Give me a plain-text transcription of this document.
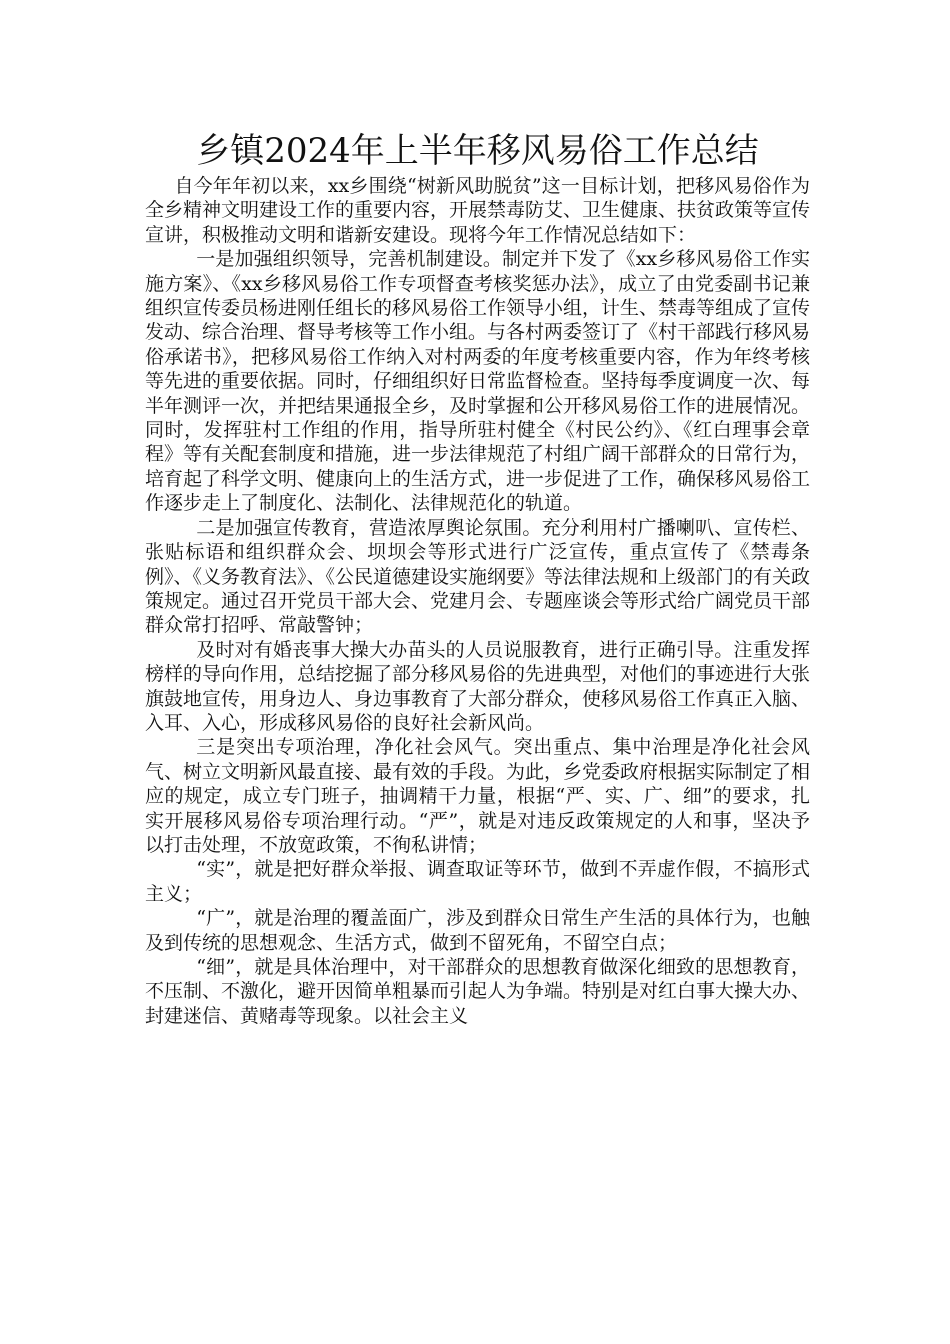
乡镇2024年上半年移风易俗工作总结

自今年年初以来，xx乡围绕“树新风助脱贫”这一目标计划，把移风易俗作为全乡精神文明建设工作的重要内容，开展禁毒防艾、卫生健康、扶贫政策等宣传宣讲，积极推动文明和谐新安建设。现将今年工作情况总结如下：

一是加强组织领导，完善机制建设。制定并下发了《xx乡移风易俗工作实施方案》、《xx乡移风易俗工作专项督查考核奖惩办法》，成立了由党委副书记兼组织宣传委员杨进刚任组长的移风易俗工作领导小组，计生、禁毒等组成了宣传发动、综合治理、督导考核等工作小组。与各村两委签订了《村干部践行移风易俗承诺书》，把移风易俗工作纳入对村两委的年度考核重要内容，作为年终考核等先进的重要依据。同时，仔细组织好日常监督检查。坚持每季度调度一次、每半年测评一次，并把结果通报全乡，及时掌握和公开移风易俗工作的进展情况。同时，发挥驻村工作组的作用，指导所驻村健全《村民公约》、《红白理事会章程》等有关配套制度和措施，进一步法律规范了村组广阔干部群众的日常行为，培育起了科学文明、健康向上的生活方式，进一步促进了工作，确保移风易俗工作逐步走上了制度化、法制化、法律规范化的轨道。

二是加强宣传教育，营造浓厚舆论氛围。充分利用村广播喇叭、宣传栏、张贴标语和组织群众会、坝坝会等形式进行广泛宣传，重点宣传了《禁毒条例》、《义务教育法》、《公民道德建设实施纲要》等法律法规和上级部门的有关政策规定。通过召开党员干部大会、党建月会、专题座谈会等形式给广阔党员干部群众常打招呼、常敲警钟；

及时对有婚丧事大操大办苗头的人员说服教育，进行正确引导。注重发挥榜样的导向作用，总结挖掘了部分移风易俗的先进典型，对他们的事迹进行大张旗鼓地宣传，用身边人、身边事教育了大部分群众，使移风易俗工作真正入脑、入耳、入心，形成移风易俗的良好社会新风尚。

三是突出专项治理，净化社会风气。突出重点、集中治理是净化社会风气、树立文明新风最直接、最有效的手段。为此，乡党委政府根据实际制定了相应的规定，成立专门班子，抽调精干力量，根据“严、实、广、细”的要求，扎实开展移风易俗专项治理行动。“严”，就是对违反政策规定的人和事，坚决予以打击处理，不放宽政策，不徇私讲情；

“实”，就是把好群众举报、调查取证等环节，做到不弄虚作假，不搞形式主义；

“广”，就是治理的覆盖面广，涉及到群众日常生产生活的具体行为，也触及到传统的思想观念、生活方式，做到不留死角，不留空白点；

“细”，就是具体治理中，对干部群众的思想教育做深化细致的思想教育，不压制、不激化，避开因简单粗暴而引起人为争端。特别是对红白事大操大办、封建迷信、黄赌毒等现象。以社会主义
